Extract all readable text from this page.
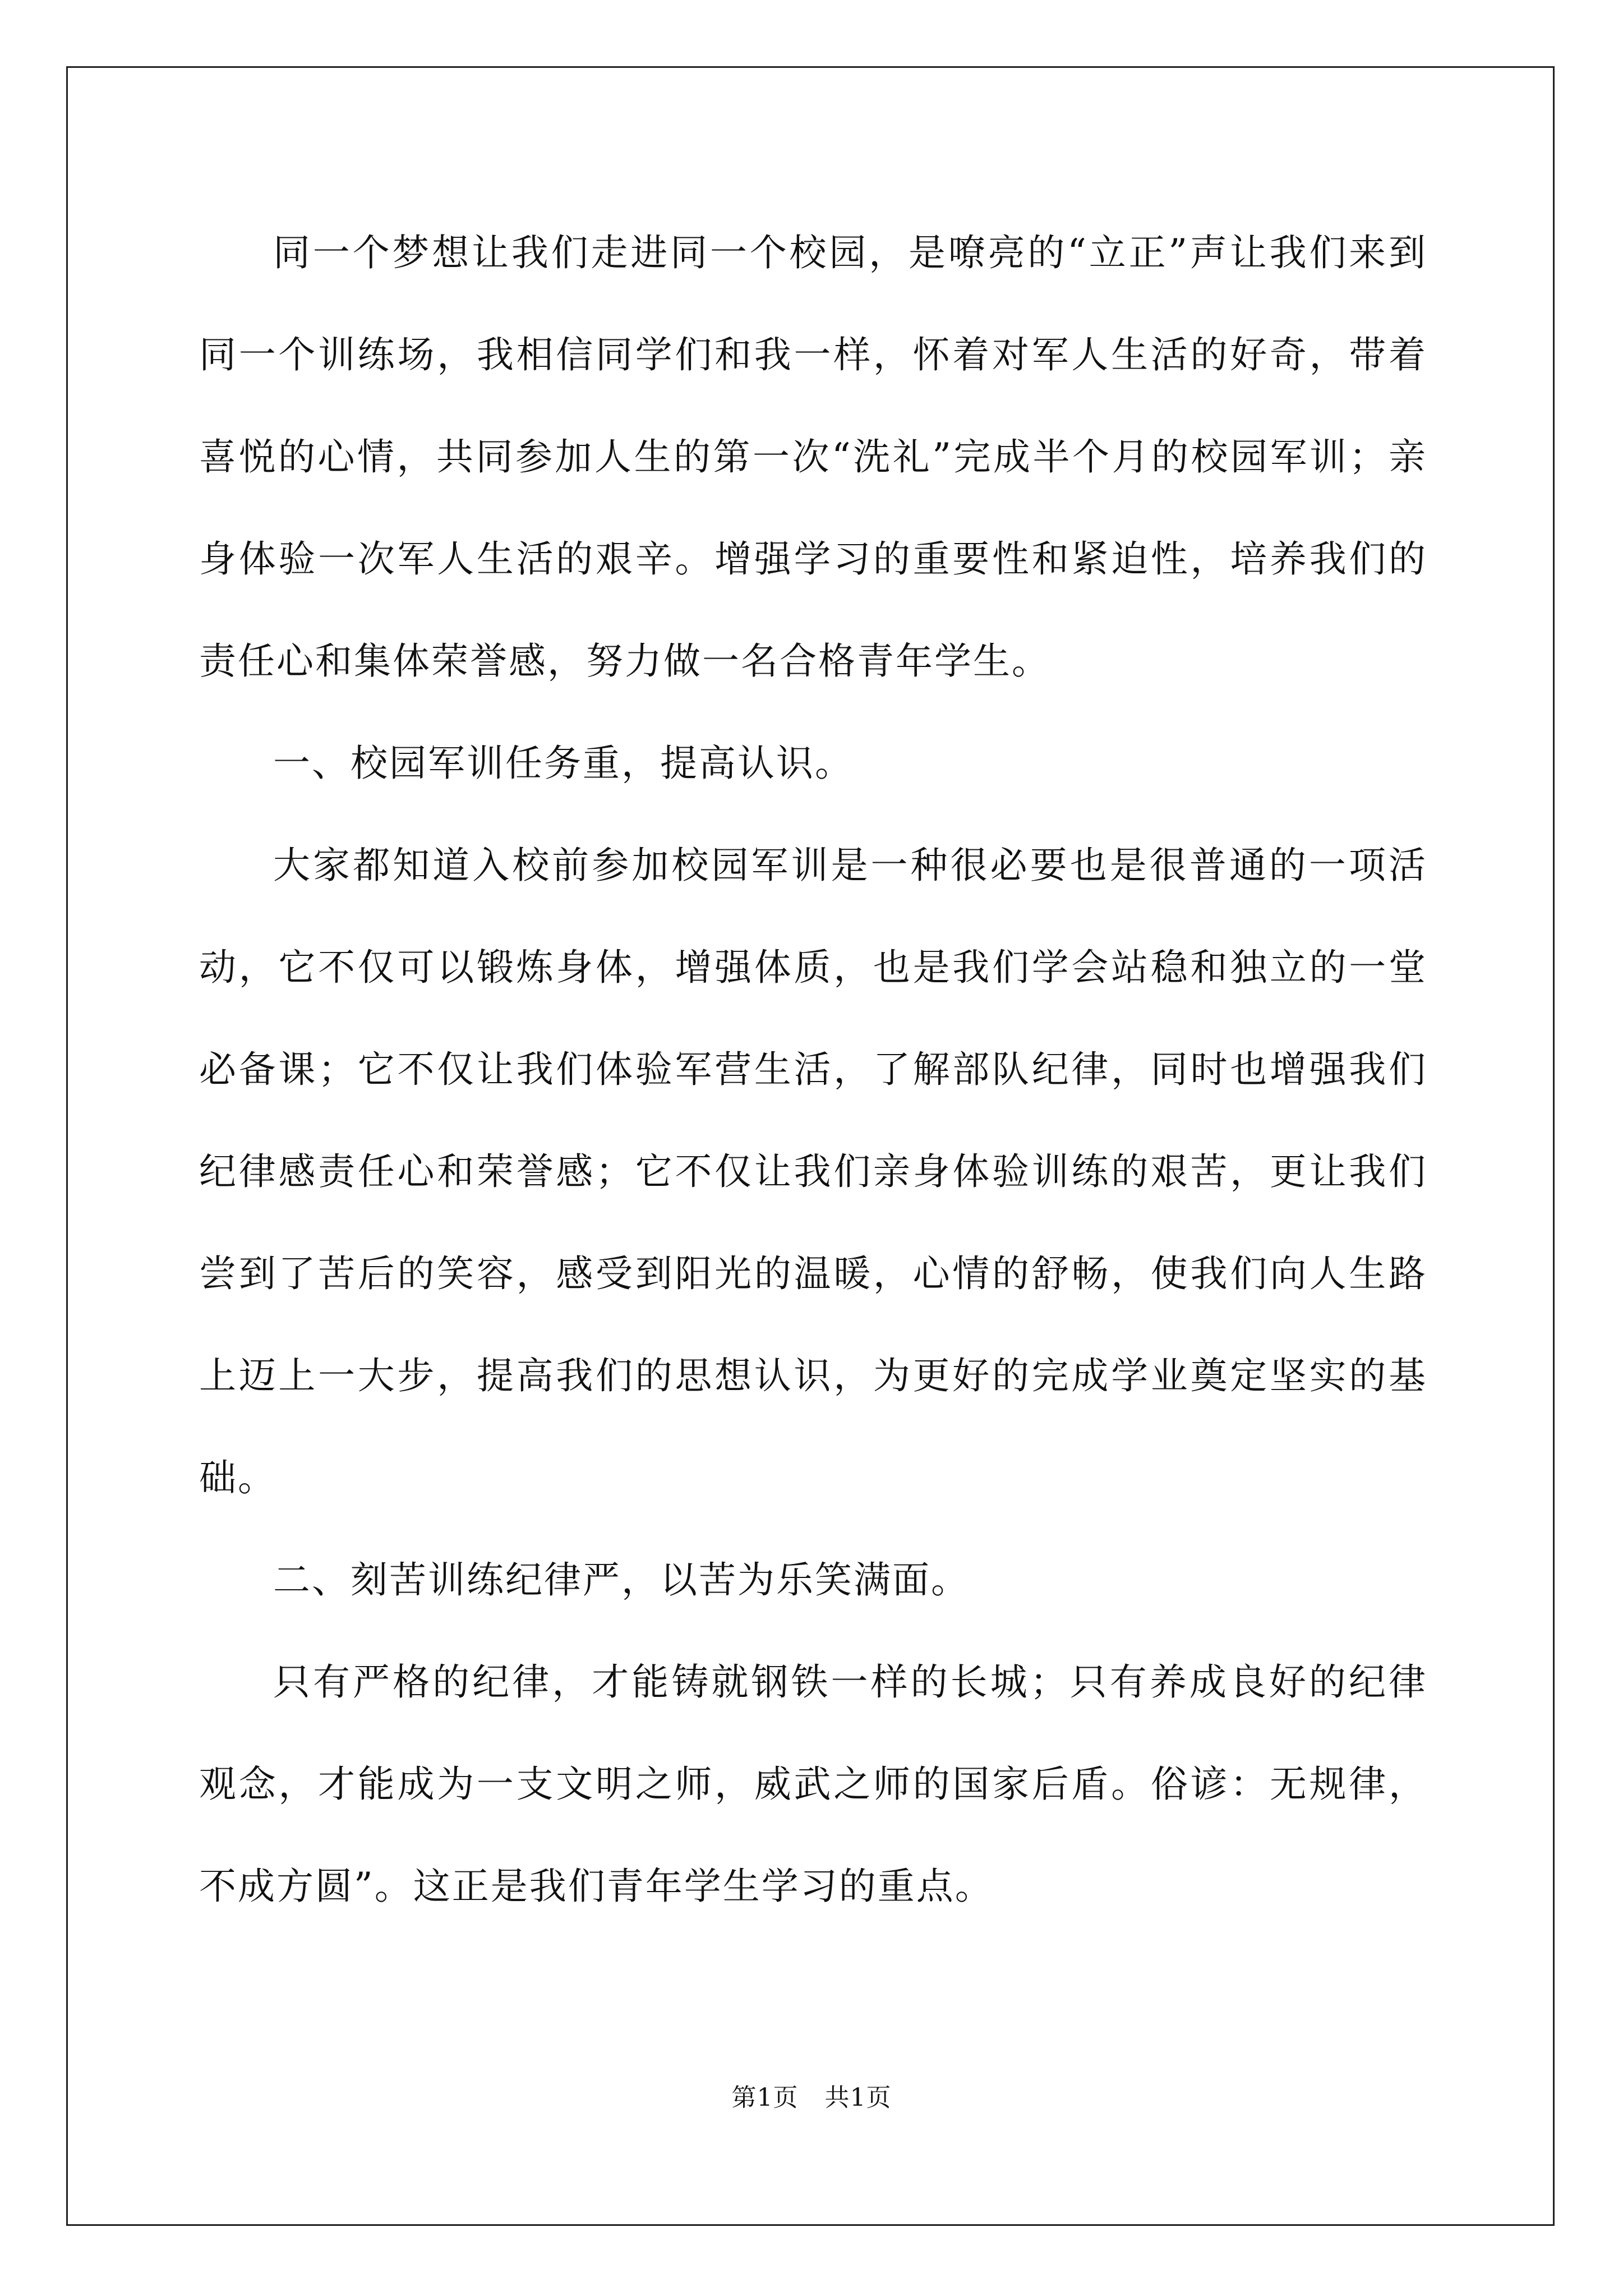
同一个梦想让我们走进同一个校园，是嘹亮的“立正”声让我们来到同一个训练场，我相信同学们和我一样，怀着对军人生活的好奇，带着喜悦的心情，共同参加人生的第一次“洗礼”完成半个月的校园军训；亲身体验一次军人生活的艰辛。增强学习的重要性和紧迫性，培养我们的责任心和集体荣誉感，努力做一名合格青年学生。

一、校园军训任务重，提高认识。

大家都知道入校前参加校园军训是一种很必要也是很普通的一项活动，它不仅可以锻炼身体，增强体质，也是我们学会站稳和独立的一堂必备课；它不仅让我们体验军营生活，了解部队纪律，同时也增强我们纪律感责任心和荣誉感；它不仅让我们亲身体验训练的艰苦，更让我们尝到了苦后的笑容，感受到阳光的温暖，心情的舒畅，使我们向人生路上迈上一大步，提高我们的思想认识，为更好的完成学业奠定坚实的基础。

二、刻苦训练纪律严，以苦为乐笑满面。

只有严格的纪律，才能铸就钢铁一样的长城；只有养成良好的纪律观念，才能成为一支文明之师，威武之师的国家后盾。俗谚：无规律，不成方圆”。这正是我们青年学生学习的重点。

第1页 共1页
